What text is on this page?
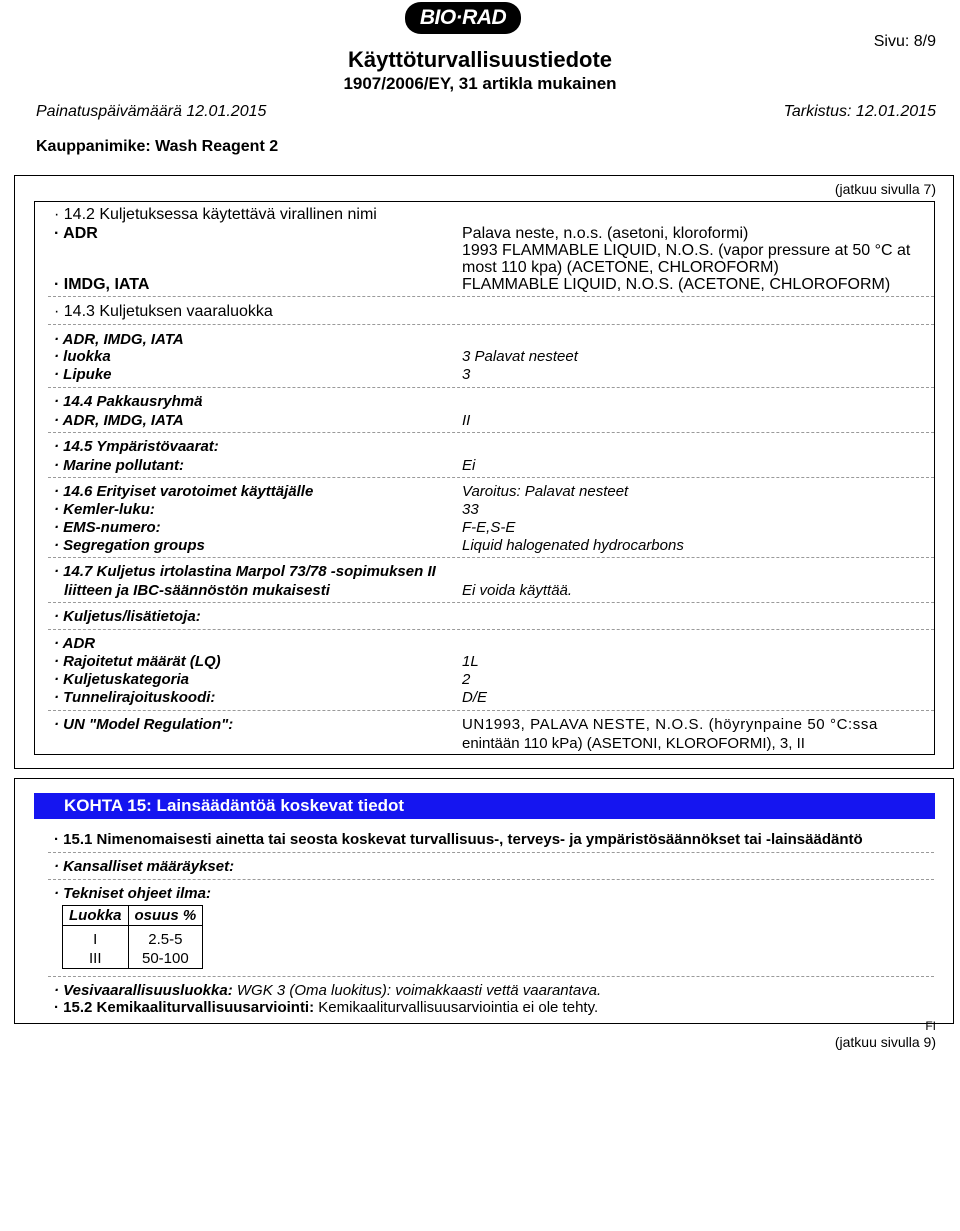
BIO·RAD
Käyttöturvallisuustiedote
1907/2006/EY, 31 artikla mukainen
Sivu: 8/9
Painatuspäivämäärä 12.01.2015	Tarkistus: 12.01.2015
Kauppanimike: Wash Reagent 2
(jatkuu sivulla 7)
· 14.2 Kuljetuksessa käytettävä virallinen nimi
· ADR	Palava neste, n.o.s. (asetoni, kloroformi)
1993 FLAMMABLE LIQUID, N.O.S. (vapor pressure at 50 °C at
most 110 kpa) (ACETONE, CHLOROFORM)
· IMDG, IATA	FLAMMABLE LIQUID, N.O.S. (ACETONE, CHLOROFORM)
· 14.3 Kuljetuksen vaaraluokka
· ADR, IMDG, IATA
· luokka	3 Palavat nesteet
· Lipuke	3
· 14.4 Pakkausryhmä
· ADR, IMDG, IATA	II
· 14.5 Ympäristövaarat:
· Marine pollutant:	Ei
· 14.6 Erityiset varotoimet käyttäjälle	Varoitus: Palavat nesteet
· Kemler-luku:	33
· EMS-numero:	F-E,S-E
· Segregation groups	Liquid halogenated hydrocarbons
· 14.7 Kuljetus irtolastina Marpol 73/78 -sopimuksen II
liitteen ja IBC-säännöstön mukaisesti	Ei voida käyttää.
· Kuljetus/lisätietoja:
· ADR
· Rajoitetut määrät (LQ)	1L
· Kuljetuskategoria	2
· Tunnelirajoituskoodi:	D/E
· UN "Model Regulation":	UN1993, PALAVA NESTE, N.O.S. (höyrynpaine 50 °C:ssa
enintään 110 kPa) (ASETONI, KLOROFORMI), 3, II
KOHTA 15: Lainsäädäntöä koskevat tiedot
· 15.1 Nimenomaisesti ainetta tai seosta koskevat turvallisuus-, terveys- ja ympäristösäännökset tai -lainsäädäntö
· Kansalliset määräykset:
· Tekniset ohjeet ilma:
Luokka	osuus %
I	2.5-5
III	50-100
· Vesivaarallisuusluokka: WGK 3 (Oma luokitus): voimakkaasti vettä vaarantava.
· 15.2 Kemikaaliturvallisuusarviointi: Kemikaaliturvallisuusarviointia ei ole tehty.
FI
(jatkuu sivulla 9)
